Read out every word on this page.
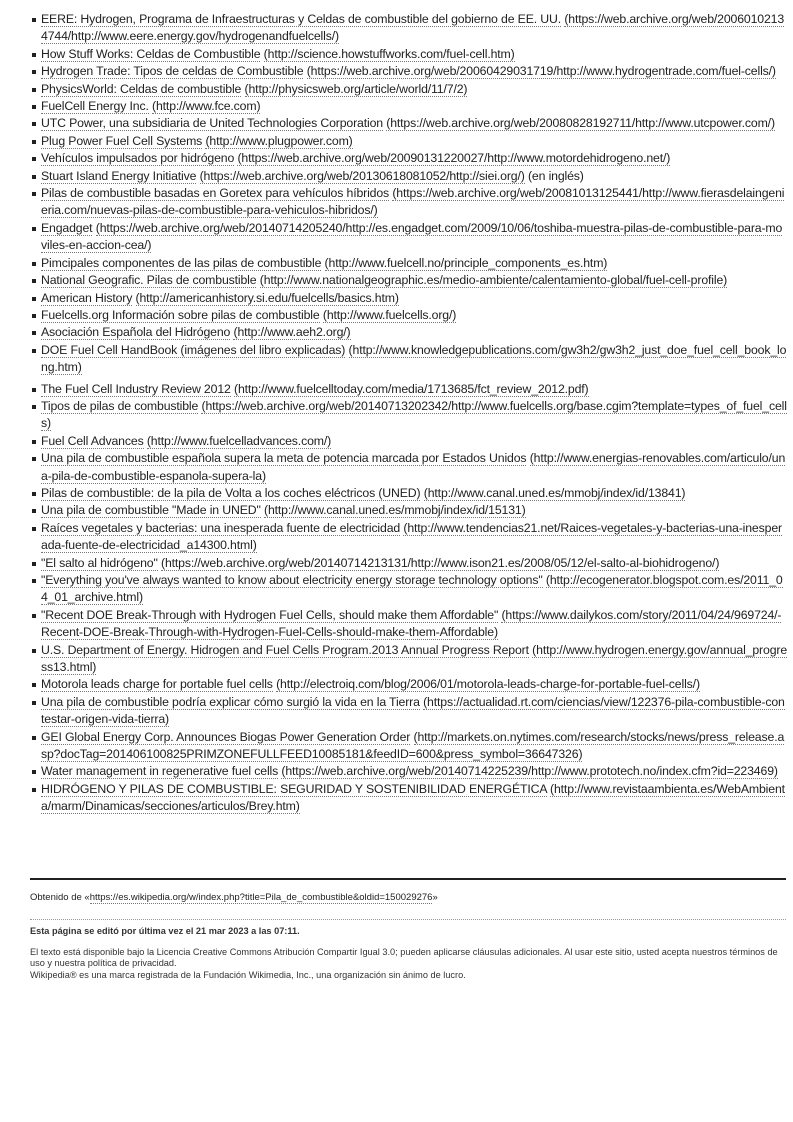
EERE: Hydrogen, Programa de Infraestructuras y Celdas de combustible del gobierno de EE. UU. (https://web.archive.org/web/20060102134744/http://www.eere.energy.gov/hydrogenandfuelcells/)
How Stuff Works: Celdas de Combustible (http://science.howstuffworks.com/fuel-cell.htm)
Hydrogen Trade: Tipos de celdas de Combustible (https://web.archive.org/web/20060429031719/http://www.hydrogentrade.com/fuel-cells/)
PhysicsWorld: Celdas de combustible (http://physicsweb.org/article/world/11/7/2)
FuelCell Energy Inc. (http://www.fce.com)
UTC Power, una subsidiaria de United Technologies Corporation (https://web.archive.org/web/20080828192711/http://www.utcpower.com/)
Plug Power Fuel Cell Systems (http://www.plugpower.com)
Vehículos impulsados por hidrógeno (https://web.archive.org/web/20090131220027/http://www.motordehidrogeno.net/)
Stuart Island Energy Initiative (https://web.archive.org/web/20130618081052/http://siei.org/) (en inglés)
Pilas de combustible basadas en Goretex para vehículos híbridos (https://web.archive.org/web/20081013125441/http://www.fierasdelaingenieria.com/nuevas-pilas-de-combustible-para-vehiculos-hibridos/)
Engadget (https://web.archive.org/web/20140714205240/http://es.engadget.com/2009/10/06/toshiba-muestra-pilas-de-combustible-para-moviles-en-accion-cea/)
Pimcipales componentes de las pilas de combustible (http://www.fuelcell.no/principle_components_es.htm)
National Geografic. Pilas de combustible (http://www.nationalgeographic.es/medio-ambiente/calentamiento-global/fuel-cell-profile)
American History (http://americanhistory.si.edu/fuelcells/basics.htm)
Fuelcells.org Información sobre pilas de combustible (http://www.fuelcells.org/)
Asociación Española del Hidrógeno (http://www.aeh2.org/)
DOE Fuel Cell HandBook (imágenes del libro explicadas) (http://www.knowledgepublications.com/gw3h2/gw3h2_just_doe_fuel_cell_book_long.htm)
The Fuel Cell Industry Review 2012 (http://www.fuelcelltoday.com/media/1713685/fct_review_2012.pdf)
Tipos de pilas de combustible (https://web.archive.org/web/20140713202342/http://www.fuelcells.org/base.cgim?template=types_of_fuel_cells)
Fuel Cell Advances (http://www.fuelcelladvances.com/)
Una pila de combustible española supera la meta de potencia marcada por Estados Unidos (http://www.energias-renovables.com/articulo/una-pila-de-combustible-espanola-supera-la)
Pilas de combustible: de la pila de Volta a los coches eléctricos (UNED) (http://www.canal.uned.es/mmobj/index/id/13841)
Una pila de combustible "Made in UNED" (http://www.canal.uned.es/mmobj/index/id/15131)
Raíces vegetales y bacterias: una inesperada fuente de electricidad (http://www.tendencias21.net/Raices-vegetales-y-bacterias-una-inesperada-fuente-de-electricidad_a14300.html)
"El salto al hidrógeno" (https://web.archive.org/web/20140714213131/http://www.ison21.es/2008/05/12/el-salto-al-biohidrogeno/)
"Everything you've always wanted to know about electricity energy storage technology options" (http://ecogenerator.blogspot.com.es/2011_04_01_archive.html)
"Recent DOE Break-Through with Hydrogen Fuel Cells, should make them Affordable" (https://www.dailykos.com/story/2011/04/24/969724/-Recent-DOE-Break-Through-with-Hydrogen-Fuel-Cells-should-make-them-Affordable)
U.S. Department of Energy. Hidrogen and Fuel Cells Program.2013 Annual Progress Report (http://www.hydrogen.energy.gov/annual_progress13.html)
Motorola leads charge for portable fuel cells (http://electroiq.com/blog/2006/01/motorola-leads-charge-for-portable-fuel-cells/)
Una pila de combustible podría explicar cómo surgió la vida en la Tierra (https://actualidad.rt.com/ciencias/view/122376-pila-combustible-contestar-origen-vida-tierra)
GEI Global Energy Corp. Announces Biogas Power Generation Order (http://markets.on.nytimes.com/research/stocks/news/press_release.asp?docTag=201406100825PRIMZONEFULLFEED10085181&feedID=600&press_symbol=36647326)
Water management in regenerative fuel cells (https://web.archive.org/web/20140714225239/http://www.prototech.no/index.cfm?id=223469)
HIDRÓGENO Y PILAS DE COMBUSTIBLE: SEGURIDAD Y SOSTENIBILIDAD ENERGÉTICA (http://www.revistaambienta.es/WebAmbienta/marm/Dinamicas/secciones/articulos/Brey.htm)
Obtenido de «https://es.wikipedia.org/w/index.php?title=Pila_de_combustible&oldid=150029276»
Esta página se editó por última vez el 21 mar 2023 a las 07:11.
El texto está disponible bajo la Licencia Creative Commons Atribución Compartir Igual 3.0; pueden aplicarse cláusulas adicionales. Al usar este sitio, usted acepta nuestros términos de uso y nuestra política de privacidad.
Wikipedia® es una marca registrada de la Fundación Wikimedia, Inc., una organización sin ánimo de lucro.
